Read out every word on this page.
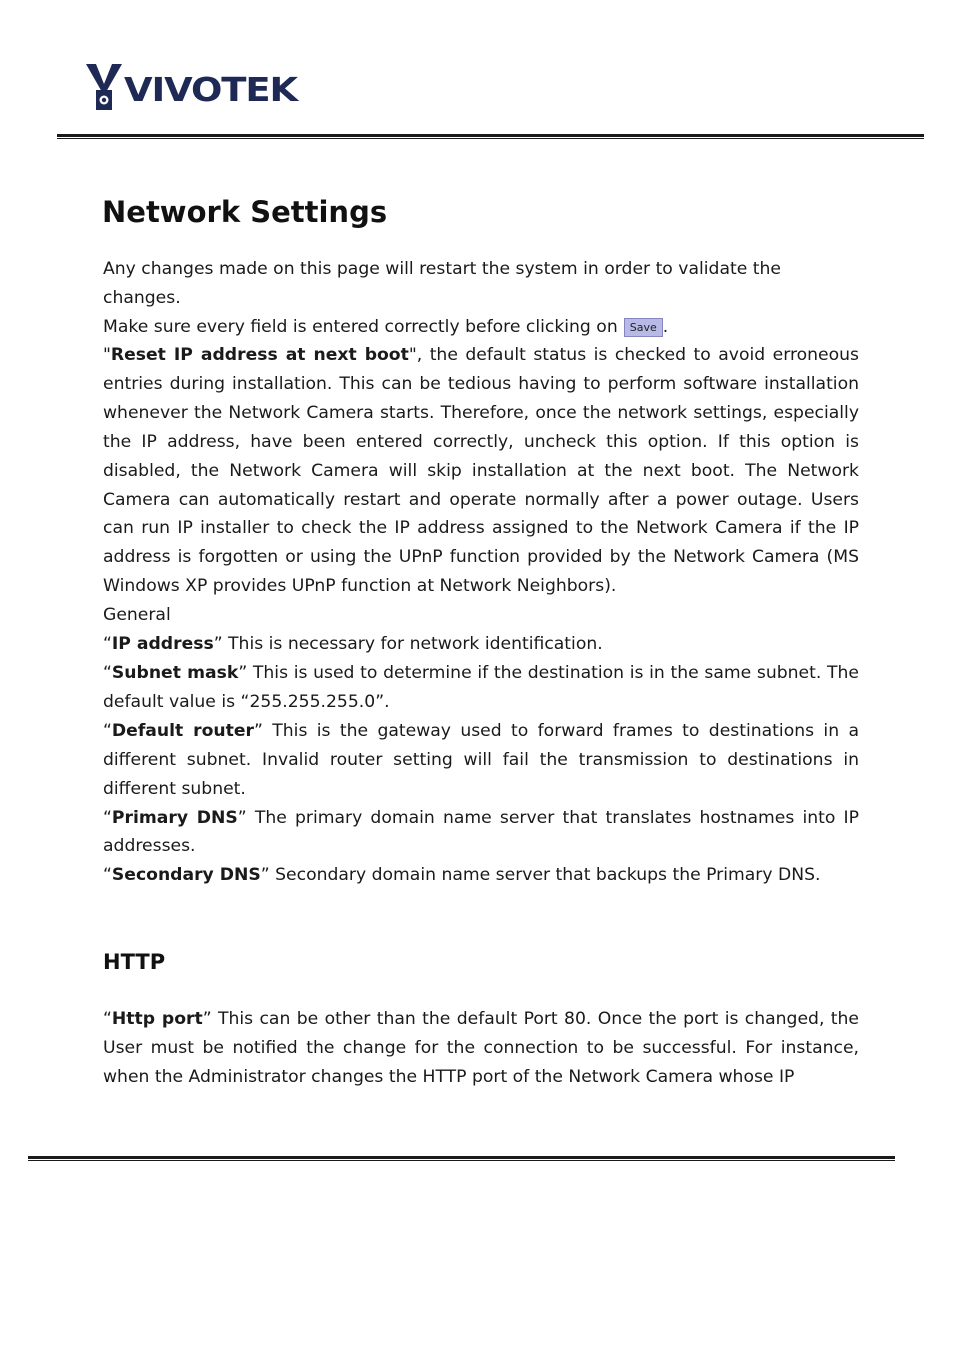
VIVOTEK
Network Settings

Any changes made on this page will restart the system in order to validate the changes.
Make sure every field is entered correctly before clicking on Save .

"Reset IP address at next boot", the default status is checked to avoid erroneous entries during installation. This can be tedious having to perform software installation whenever the Network Camera starts. Therefore, once the network settings, especially the IP address, have been entered correctly, uncheck this option. If this option is disabled, the Network Camera will skip installation at the next boot. The Network Camera can automatically restart and operate normally after a power outage. Users can run IP installer to check the IP address assigned to the Network Camera if the IP address is forgotten or using the UPnP function provided by the Network Camera (MS Windows XP provides UPnP function at Network Neighbors).
General
“IP address” This is necessary for network identification.
“Subnet mask” This is used to determine if the destination is in the same subnet. The default value is “255.255.255.0”.
“Default router” This is the gateway used to forward frames to destinations in a different subnet. Invalid router setting will fail the transmission to destinations in different subnet.
“Primary DNS” The primary domain name server that translates hostnames into IP addresses.
“Secondary DNS” Secondary domain name server that backups the Primary DNS.
HTTP

“Http port” This can be other than the default Port 80. Once the port is changed, the User must be notified the change for the connection to be successful. For instance, when the Administrator changes the HTTP port of the Network Camera whose IP
